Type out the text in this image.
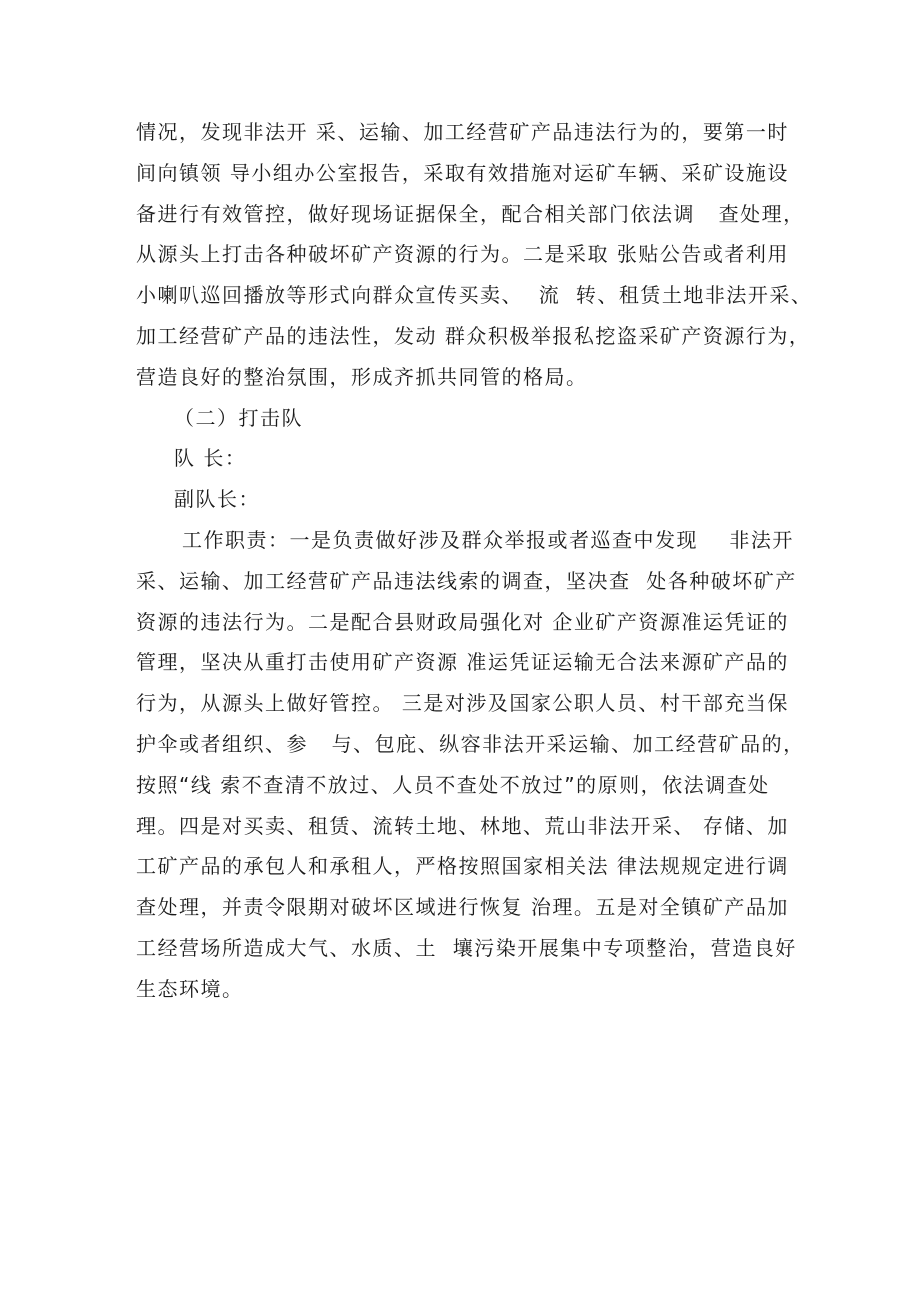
情况，发现非法开 采、运输、加工经营矿产品违法行为的，要第一时
间向镇领 导小组办公室报告，采取有效措施对运矿车辆、采矿设施设
备进行有效管控，做好现场证据保全，配合相关部门依法调   查处理，
从源头上打击各种破坏矿产资源的行为。二是采取 张贴公告或者利用
小喇叭巡回播放等形式向群众宣传买卖、  流  转、租赁土地非法开采、
加工经营矿产品的违法性，发动 群众积极举报私挖盗采矿产资源行为，
营造良好的整治氛围，形成齐抓共同管的格局。
（二）打击队
队 长：
副队长：
工作职责：一是负责做好涉及群众举报或者巡查中发现    非法开
采、运输、加工经营矿产品违法线索的调查，坚决查  处各种破坏矿产
资源的违法行为。二是配合县财政局强化对 企业矿产资源准运凭证的
管理，坚决从重打击使用矿产资源 准运凭证运输无合法来源矿产品的
行为，从源头上做好管控。 三是对涉及国家公职人员、村干部充当保
护伞或者组织、参   与、包庇、纵容非法开采运输、加工经营矿品的，
按照“线 索不查清不放过、人员不查处不放过”的原则，依法调查处
理。四是对买卖、租赁、流转土地、林地、荒山非法开采、 存储、加
工矿产品的承包人和承租人，严格按照国家相关法 律法规规定进行调
查处理，并责令限期对破坏区域进行恢复 治理。五是对全镇矿产品加
工经营场所造成大气、水质、土  壤污染开展集中专项整治，营造良好
生态环境。
